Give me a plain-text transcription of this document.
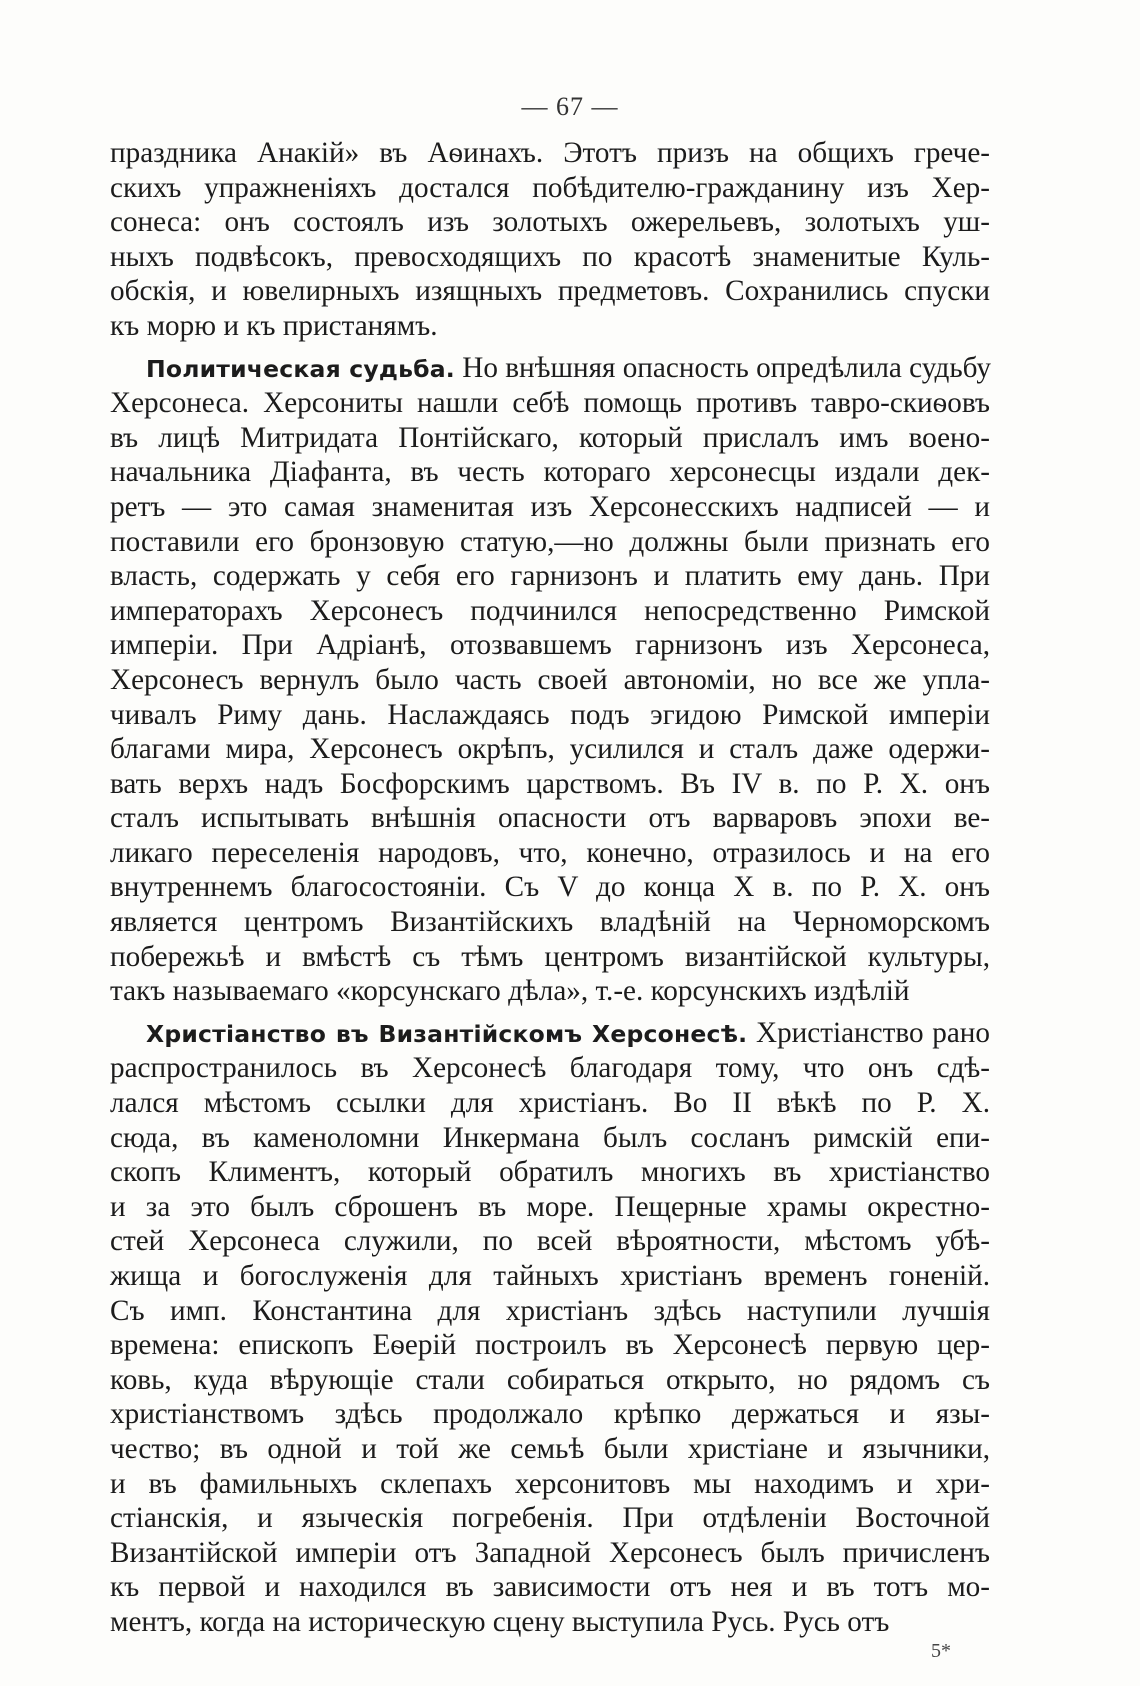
— 67 —
праздника Анакій» въ Аѳинахъ. Этотъ призъ на общихъ грече-
скихъ упражненіяхъ достался побѣдителю-гражданину изъ Хер-
сонеса: онъ состоялъ изъ золотыхъ ожерельевъ, золотыхъ уш-
ныхъ подвѣсокъ, превосходящихъ по красотѣ знаменитые Куль-
обскія, и ювелирныхъ изящныхъ предметовъ. Сохранились спуски
къ морю и къ пристанямъ.
Политическая судьба. Но внѣшняя опасность опредѣлила судьбу
Херсонеса. Херсониты нашли себѣ помощь противъ тавро-скиѳовъ
въ лицѣ Митридата Понтійскаго, который прислалъ имъ воено-
начальника Діафанта, въ честь котораго херсонесцы издали дек-
ретъ — это самая знаменитая изъ Херсонесскихъ надписей — и
поставили его бронзовую статую,—но должны были признать его
власть, содержать у себя его гарнизонъ и платить ему дань. При
императорахъ Херсонесъ подчинился непосредственно Римской
имперіи. При Адріанѣ, отозвавшемъ гарнизонъ изъ Херсонеса,
Херсонесъ вернулъ было часть своей автономіи, но все же упла-
чивалъ Риму дань. Наслаждаясь подъ эгидою Римской имперіи
благами мира, Херсонесъ окрѣпъ, усилился и сталъ даже одержи-
вать верхъ надъ Босфорскимъ царствомъ. Въ IV в. по Р. Х. онъ
сталъ испытывать внѣшнія опасности отъ варваровъ эпохи ве-
ликаго переселенія народовъ, что, конечно, отразилось и на его
внутреннемъ благосостояніи. Съ V до конца X в. по Р. Х. онъ
является центромъ Византійскихъ владѣній на Черноморскомъ
побережьѣ и вмѣстѣ съ тѣмъ центромъ византійской культуры,
такъ называемаго «корсунскаго дѣла», т.-е. корсунскихъ издѣлій
Христіанство въ Византійскомъ Херсонесѣ. Христіанство рано
распространилось въ Херсонесѣ благодаря тому, что онъ сдѣ-
лался мѣстомъ ссылки для христіанъ. Во II вѣкѣ по Р. Х.
сюда, въ каменоломни Инкермана былъ сосланъ римскій епи-
скопъ Климентъ, который обратилъ многихъ въ христіанство
и за это былъ сброшенъ въ море. Пещерные храмы окрестно-
стей Херсонеса служили, по всей вѣроятности, мѣстомъ убѣ-
жища и богослуженія для тайныхъ христіанъ временъ гоненій.
Съ имп. Константина для христіанъ здѣсь наступили лучшія
времена: епископъ Еѳерій построилъ въ Херсонесѣ первую цер-
ковь, куда вѣрующіе стали собираться открыто, но рядомъ съ
христіанствомъ здѣсь продолжало крѣпко держаться и язы-
чество; въ одной и той же семьѣ были христіане и язычники,
и въ фамильныхъ склепахъ херсонитовъ мы находимъ и хри-
стіанскія, и языческія погребенія. При отдѣленіи Восточной
Византійской имперіи отъ Западной Херсонесъ былъ причисленъ
къ первой и находился въ зависимости отъ нея и въ тотъ мо-
ментъ, когда на историческую сцену выступила Русь. Русь отъ
5*
